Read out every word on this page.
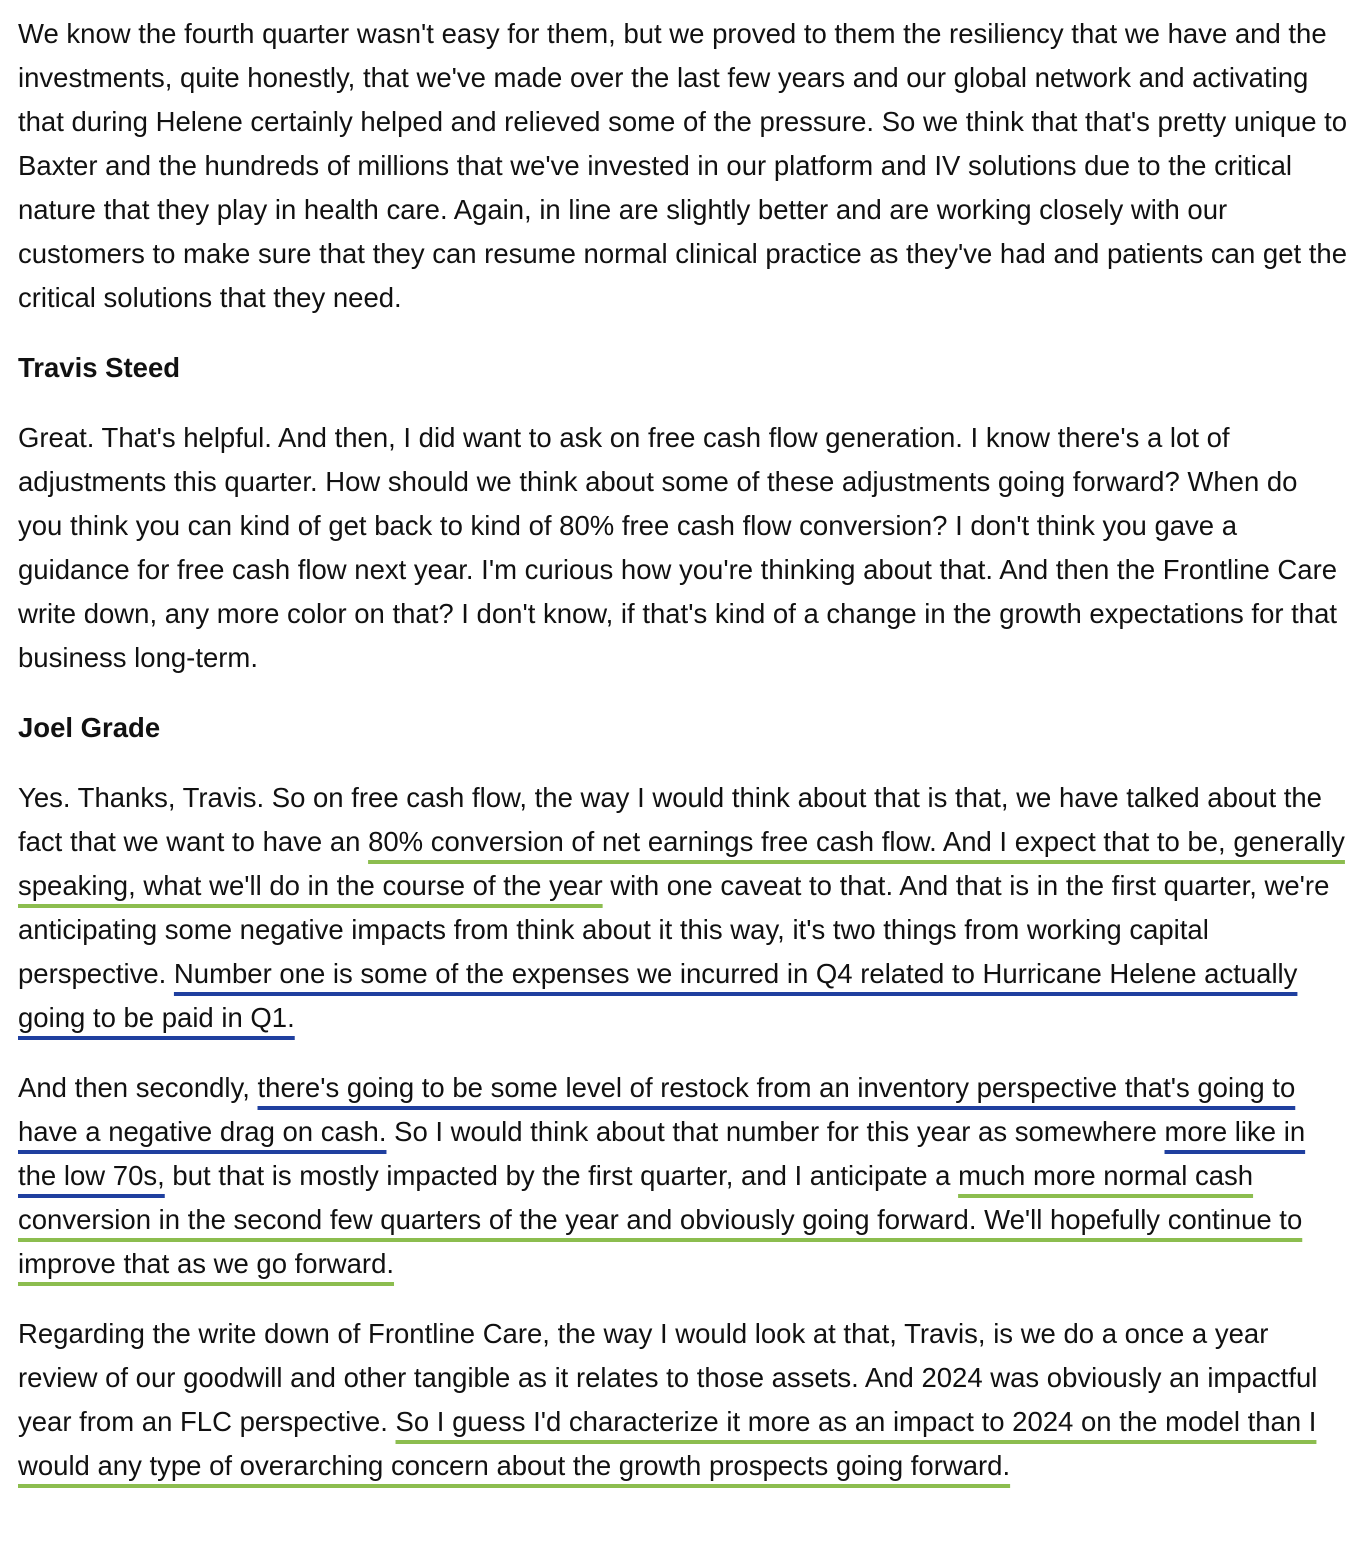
We know the fourth quarter wasn't easy for them, but we proved to them the resiliency that we have and the investments, quite honestly, that we've made over the last few years and our global network and activating that during Helene certainly helped and relieved some of the pressure. So we think that that's pretty unique to Baxter and the hundreds of millions that we've invested in our platform and IV solutions due to the critical nature that they play in health care. Again, in line are slightly better and are working closely with our customers to make sure that they can resume normal clinical practice as they've had and patients can get the critical solutions that they need.

Travis Steed

Great. That's helpful. And then, I did want to ask on free cash flow generation. I know there's a lot of adjustments this quarter. How should we think about some of these adjustments going forward? When do you think you can kind of get back to kind of 80% free cash flow conversion? I don't think you gave a guidance for free cash flow next year. I'm curious how you're thinking about that. And then the Frontline Care write down, any more color on that? I don't know, if that's kind of a change in the growth expectations for that business long-term.

Joel Grade

Yes. Thanks, Travis. So on free cash flow, the way I would think about that is that, we have talked about the fact that we want to have an 80% conversion of net earnings free cash flow. And I expect that to be, generally speaking, what we'll do in the course of the year with one caveat to that. And that is in the first quarter, we're anticipating some negative impacts from think about it this way, it's two things from working capital perspective. Number one is some of the expenses we incurred in Q4 related to Hurricane Helene actually going to be paid in Q1.

And then secondly, there's going to be some level of restock from an inventory perspective that's going to have a negative drag on cash. So I would think about that number for this year as somewhere more like in the low 70s, but that is mostly impacted by the first quarter, and I anticipate a much more normal cash conversion in the second few quarters of the year and obviously going forward. We'll hopefully continue to improve that as we go forward.

Regarding the write down of Frontline Care, the way I would look at that, Travis, is we do a once a year review of our goodwill and other tangible as it relates to those assets. And 2024 was obviously an impactful year from an FLC perspective. So I guess I'd characterize it more as an impact to 2024 on the model than I would any type of overarching concern about the growth prospects going forward.
